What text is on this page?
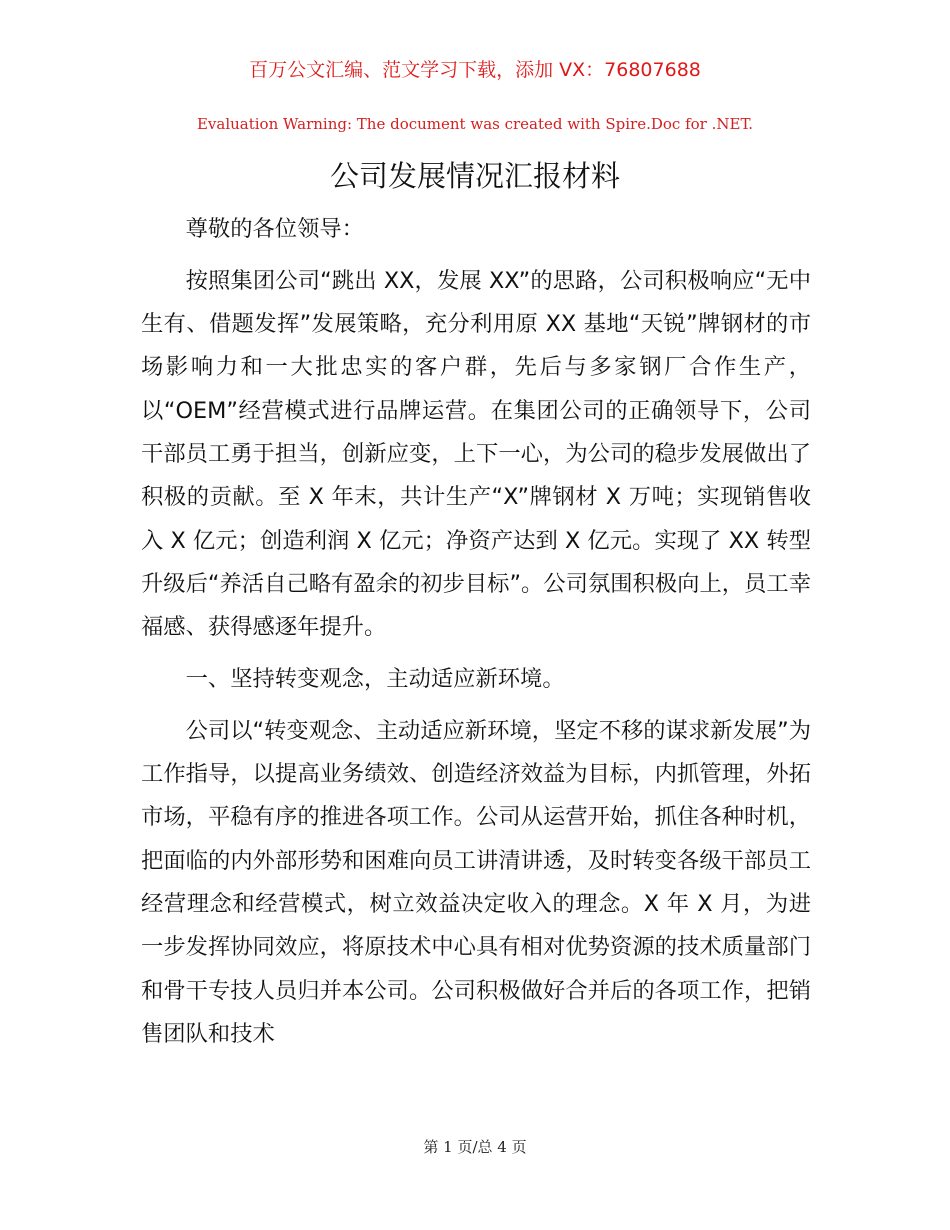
百万公文汇编、范文学习下载，添加 VX：76807688
Evaluation Warning: The document was created with Spire.Doc for .NET.
公司发展情况汇报材料

尊敬的各位领导：

按照集团公司“跳出 XX，发展 XX”的思路，公司积极响应“无中生有、借题发挥”发展策略，充分利用原 XX 基地“天锐”牌钢材的市场影响力和一大批忠实的客户群，先后与多家钢厂合作生产，以“OEM”经营模式进行品牌运营。在集团公司的正确领导下，公司干部员工勇于担当，创新应变，上下一心，为公司的稳步发展做出了积极的贡献。至 X 年末，共计生产“X”牌钢材 X 万吨；实现销售收入 X 亿元；创造利润 X 亿元；净资产达到 X 亿元。实现了 XX 转型升级后“养活自己略有盈余的初步目标”。公司氛围积极向上，员工幸福感、获得感逐年提升。

一、坚持转变观念，主动适应新环境。

公司以“转变观念、主动适应新环境，坚定不移的谋求新发展”为工作指导，以提高业务绩效、创造经济效益为目标，内抓管理，外拓市场，平稳有序的推进各项工作。公司从运营开始，抓住各种时机，把面临的内外部形势和困难向员工讲清讲透，及时转变各级干部员工经营理念和经营模式，树立效益决定收入的理念。X 年 X 月，为进一步发挥协同效应，将原技术中心具有相对优势资源的技术质量部门和骨干专技人员归并本公司。公司积极做好合并后的各项工作，把销售团队和技术

第 1 页/总 4 页
